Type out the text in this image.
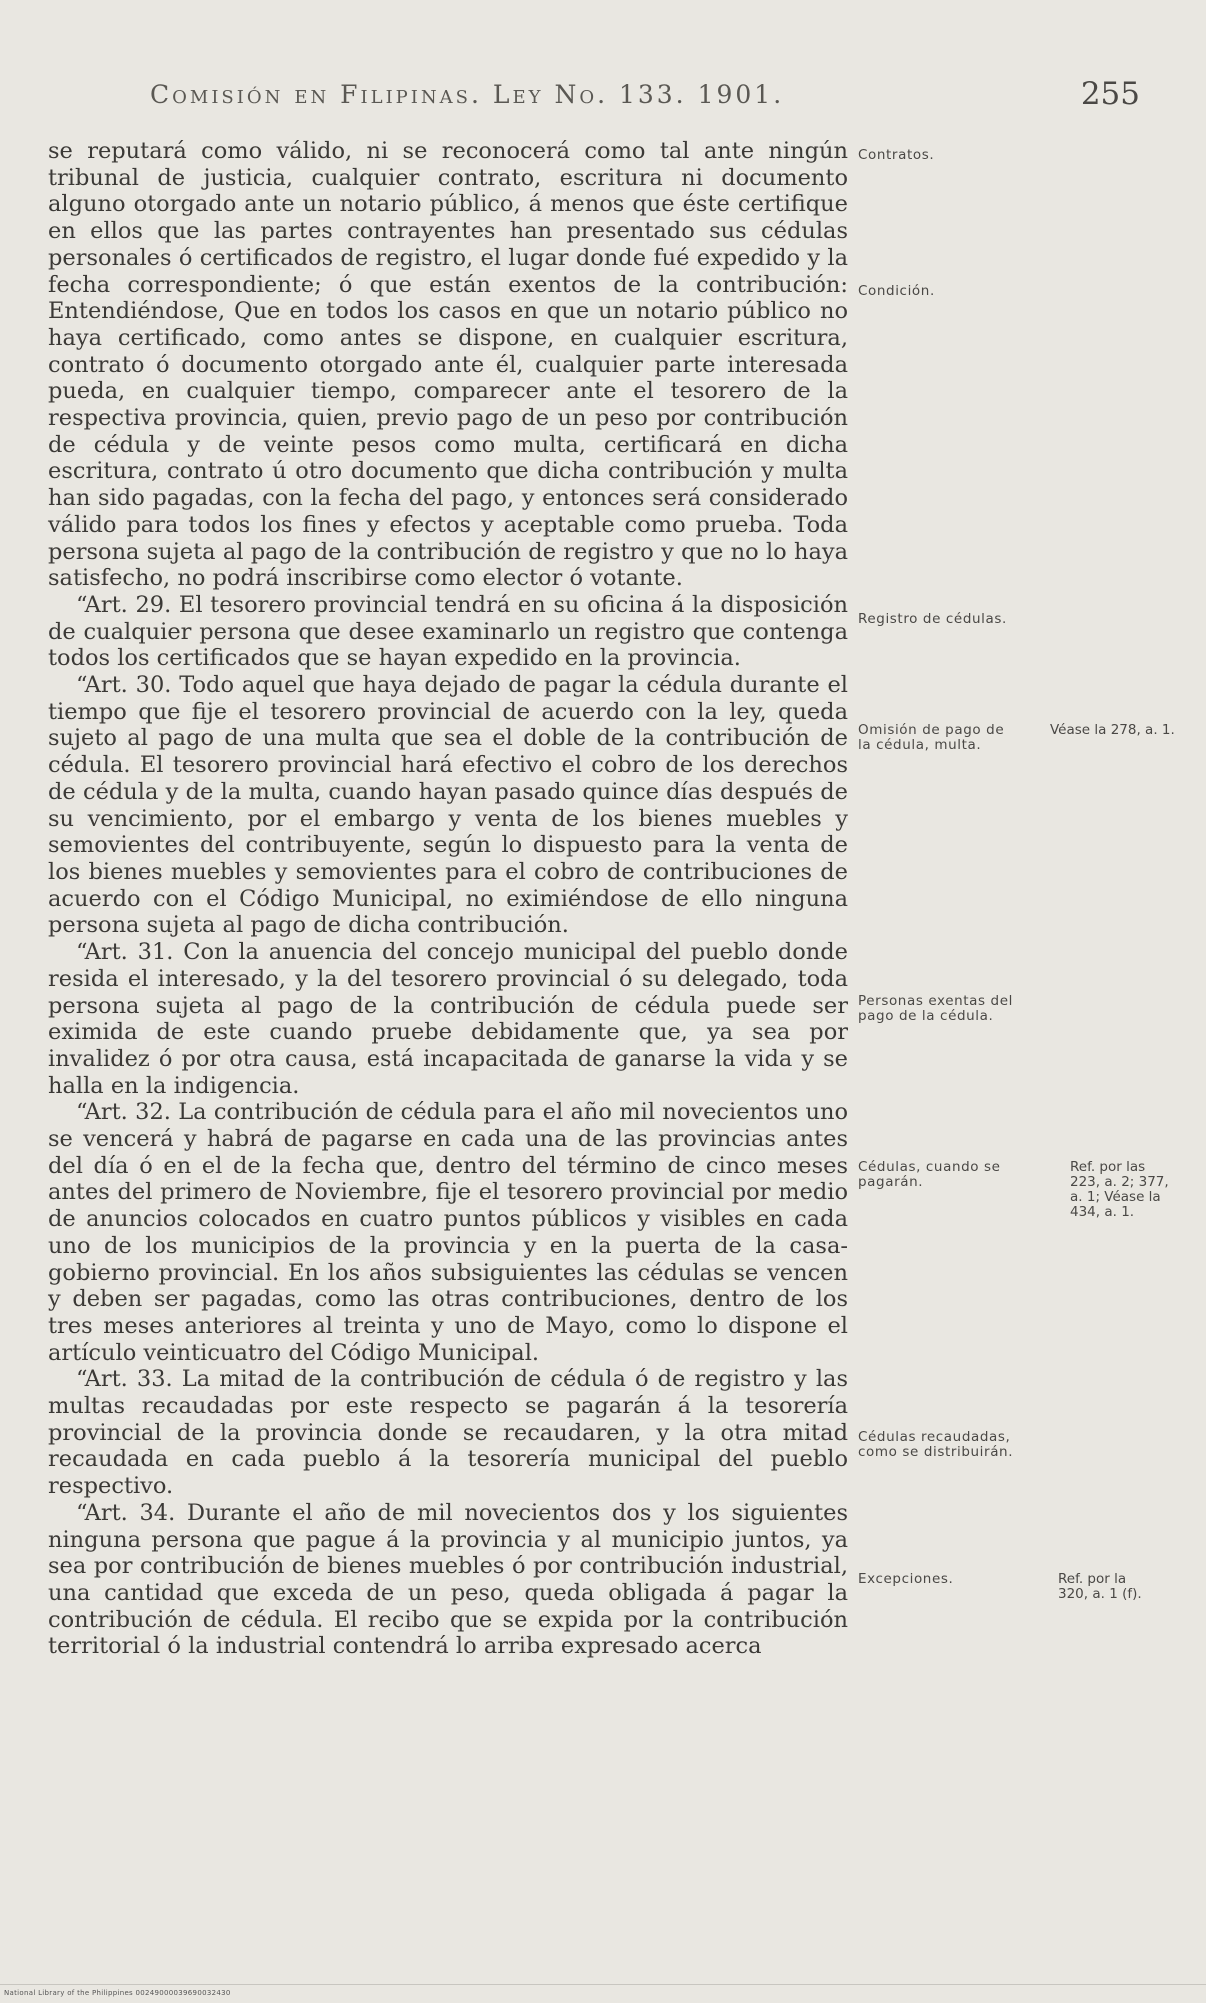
Comisión en Filipinas. Ley No. 133. 1901.	255

se reputará como válido, ni se reconocerá como tal ante ningún tribunal de justicia, cualquier contrato, escritura ni documento alguno otorgado ante un notario público, á menos que éste certifique en ellos que las partes contrayentes han presentado sus cédulas personales ó certificados de registro, el lugar donde fué expedido y la fecha correspondiente; ó que están exentos de la contribución: Entendiéndose, Que en todos los casos en que un notario público no haya certificado, como antes se dispone, en cualquier escritura, contrato ó documento otorgado ante él, cualquier parte interesada pueda, en cualquier tiempo, comparecer ante el tesorero de la respectiva provincia, quien, previo pago de un peso por contribución de cédula y de veinte pesos como multa, certificará en dicha escritura, contrato ú otro documento que dicha contribución y multa han sido pagadas, con la fecha del pago, y entonces será considerado válido para todos los fines y efectos y aceptable como prueba. Toda persona sujeta al pago de la contribución de registro y que no lo haya satisfecho, no podrá inscribirse como elector ó votante.

“Art. 29. El tesorero provincial tendrá en su oficina á la disposición de cualquier persona que desee examinarlo un registro que contenga todos los certificados que se hayan expedido en la provincia.

“Art. 30. Todo aquel que haya dejado de pagar la cédula durante el tiempo que fije el tesorero provincial de acuerdo con la ley, queda sujeto al pago de una multa que sea el doble de la contribución de cédula. El tesorero provincial hará efectivo el cobro de los derechos de cédula y de la multa, cuando hayan pasado quince días después de su vencimiento, por el embargo y venta de los bienes muebles y semovientes del contribuyente, según lo dispuesto para la venta de los bienes muebles y semovientes para el cobro de contribuciones de acuerdo con el Código Municipal, no eximiéndose de ello ninguna persona sujeta al pago de dicha contribución.

“Art. 31. Con la anuencia del concejo municipal del pueblo donde resida el interesado, y la del tesorero provincial ó su delegado, toda persona sujeta al pago de la contribución de cédula puede ser eximida de este cuando pruebe debidamente que, ya sea por invalidez ó por otra causa, está incapacitada de ganarse la vida y se halla en la indigencia.

“Art. 32. La contribución de cédula para el año mil novecientos uno se vencerá y habrá de pagarse en cada una de las provincias antes del día ó en el de la fecha que, dentro del término de cinco meses antes del primero de Noviembre, fije el tesorero provincial por medio de anuncios colocados en cuatro puntos públicos y visibles en cada uno de los municipios de la provincia y en la puerta de la casa-gobierno provincial. En los años subsiguientes las cédulas se vencen y deben ser pagadas, como las otras contribuciones, dentro de los tres meses anteriores al treinta y uno de Mayo, como lo dispone el artículo veinticuatro del Código Municipal.

“Art. 33. La mitad de la contribución de cédula ó de registro y las multas recaudadas por este respecto se pagarán á la tesorería provincial de la provincia donde se recaudaren, y la otra mitad recaudada en cada pueblo á la tesorería municipal del pueblo respectivo.

“Art. 34. Durante el año de mil novecientos dos y los siguientes ninguna persona que pague á la provincia y al municipio juntos, ya sea por contribución de bienes muebles ó por contribución industrial, una cantidad que exceda de un peso, queda obligada á pagar la contribución de cédula. El recibo que se expida por la contribución territorial ó la industrial contendrá lo arriba expresado acerca

Contratos.
Condición.
Registro de cédulas.
Omisión de pago de la cédula, multa.
Véase la 278, a. 1.
Personas exentas del pago de la cédula.
Cédulas, cuando se pagarán.
Ref. por las 223, a. 2; 377, a. 1; Véase la 434, a. 1.
Cédulas recaudadas, como se distribuirán.
Excepciones.	Ref. por la 320, a. 1 (f).
National Library of the Philippines 00249000039690032430
